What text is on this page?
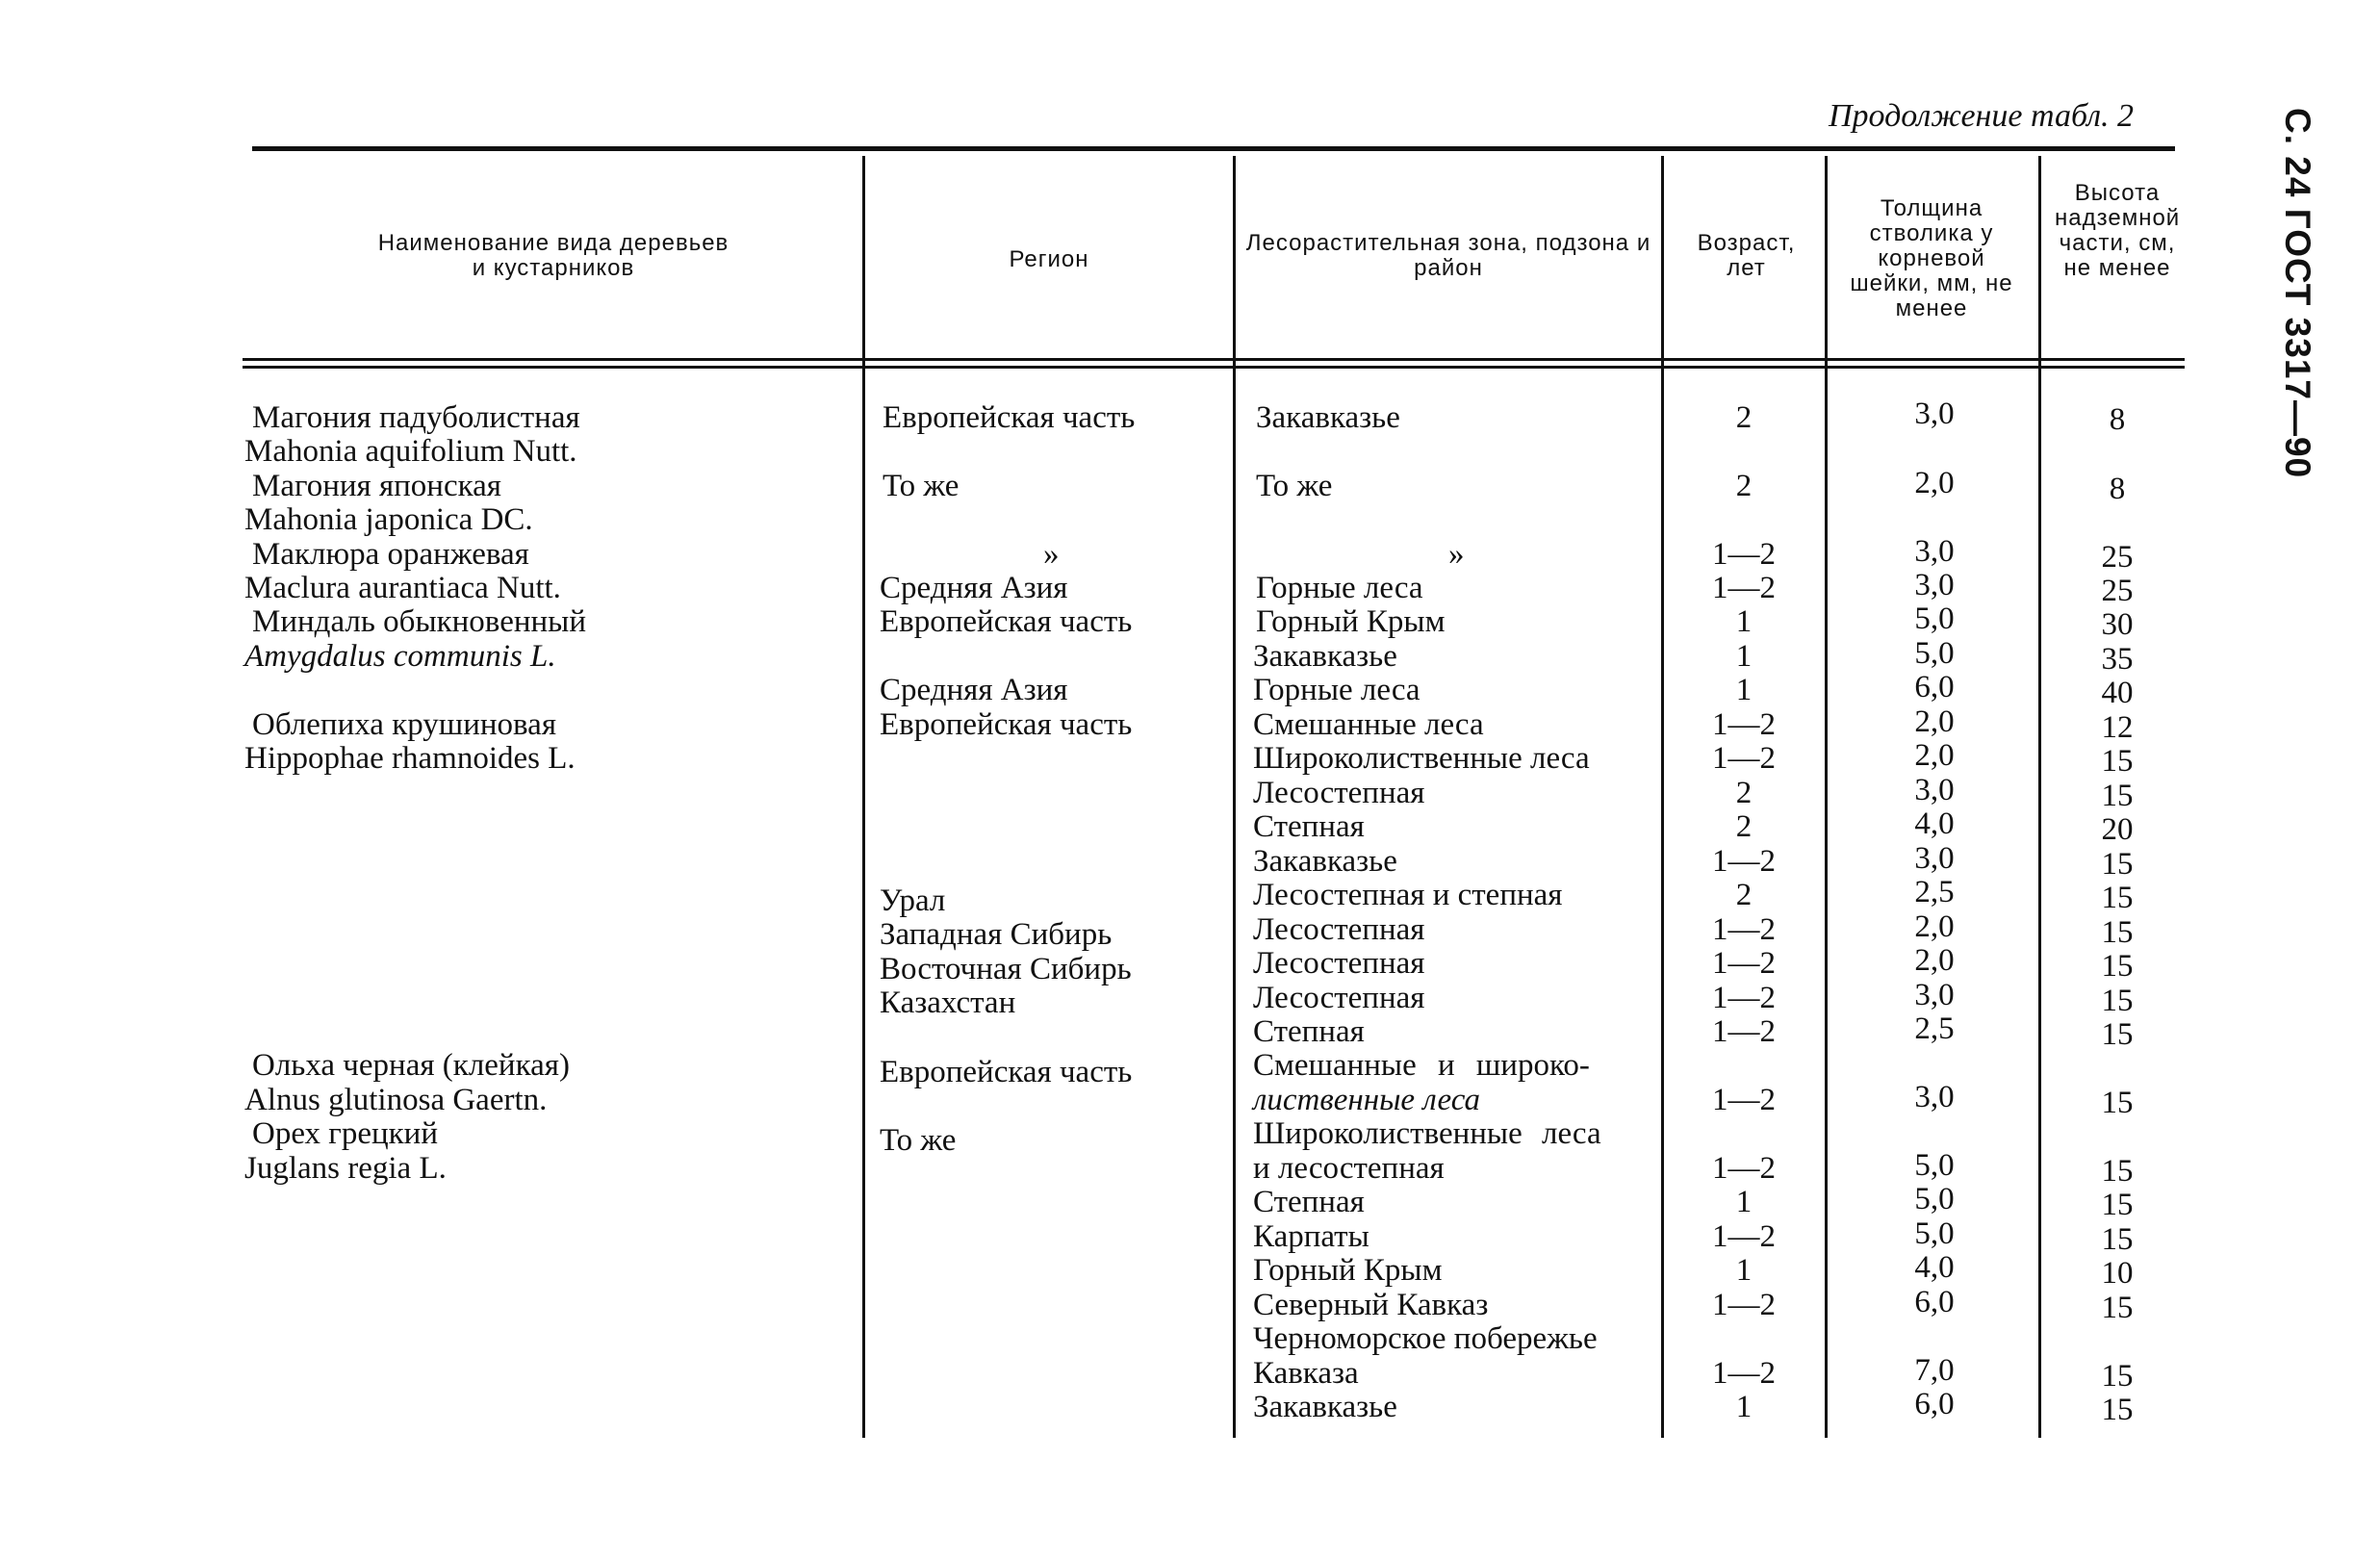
Продолжение табл. 2	С. 24 ГОСТ 3317—90
Наименование вида деревьев и кустарников	Регион
Лесорастительная зона, подзона и район
Возраст, лет
Толщина стволика у корневой шейки, мм, не менее
Высота надземной части, см, не менее
Магония падуболистная
Mahonia aquifolium Nutt.
Магония японская
Mahonia japonica DC.
Маклюра оранжевая
Maclura aurantiaca Nutt.
Миндаль обыкновенный
Amygdalus communis L.
Облепиха крушиновая
Hippophae rhamnoides L.
Ольха черная (клейкая)
Alnus glutinosa Gaertn.
Орех грецкий
Juglans regia L.
Европейская часть
То же
»
Средняя Азия
Европейская часть
Средняя Азия
Европейская часть
Урал
Западная Сибирь
Восточная Сибирь
Казахстан
Европейская часть
То же
Закавказье
То же
»
Горные леса
Горный Крым
Закавказье
Горные леса
Смешанные леса
Широколиственные леса
Лесостепная
Степная
Закавказье
Лесостепная и степная
Лесостепная
Лесостепная
Лесостепная
Степная
Смешанные и широко-
лиственные леса
Широколиственные леса
и лесостепная
Степная
Карпаты
Горный Крым
Северный Кавказ
Черноморское побережье
Кавказа
Закавказье
2
2
1—2
1—2
1
1
1
1—2
1—2
2
2
1—2
2
1—2
1—2
1—2
1—2
1—2
1—2
1
1—2
1
1—2
1—2
1
3,0
2,0
3,0
3,0
5,0
5,0
6,0
2,0
2,0
3,0
4,0
3,0
2,5
2,0
2,0
3,0
2,5
3,0
5,0
5,0
5,0
4,0
6,0
7,0
6,0
8
8
25
25
30
35
40
12
15
15
20
15
15
15
15
15
15
15
15
15
15
10
15
15
15
